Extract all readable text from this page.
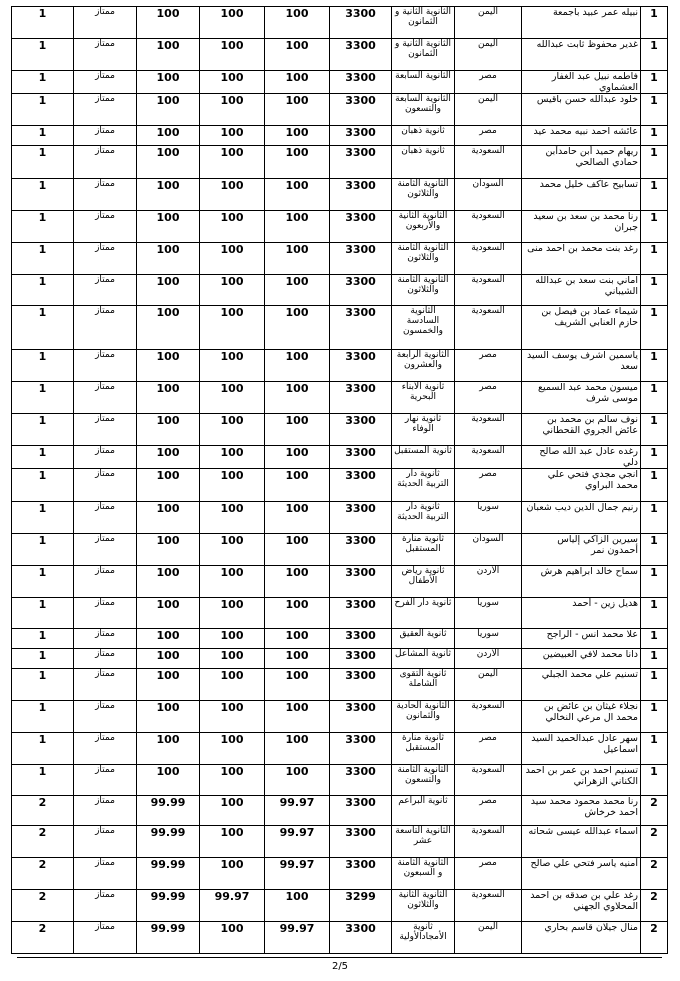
1	نبيله عمر عبيد باجمعة	اليمن	الثانوية الثانية و الثمانون	3300	100	100	100	ممتاز	1
1	غدير محفوظ ثابت عبدالله	اليمن	الثانوية الثانية و الثمانون	3300	100	100	100	ممتاز	1
1	فاطمه نبيل عبد الغفار العشماوي	مصر	الثانوية السابعة	3300	100	100	100	ممتاز	1
1	خلود عبدالله حسن باقيس	اليمن	الثانوية السابعة والتسعون	3300	100	100	100	ممتاز	1
1	عائشه احمد نبيه محمد عيد	مصر	ثانوية ذهبان	3300	100	100	100	ممتاز	1
1	ريهام حميد أبن حامدأبن حمادي الصالحي	السعودية	ثانوية ذهبان	3300	100	100	100	ممتاز	1
1	تسابيح عاكف خليل محمد	السودان	الثانوية الثامنة والثلاثون	3300	100	100	100	ممتاز	1
1	رنا محمد بن سعد بن سعيد جبران	السعودية	الثانوية الثانية والأربعون	3300	100	100	100	ممتاز	1
1	رغد بنت محمد بن احمد منى	السعودية	الثانوية الثامنة والثلاثون	3300	100	100	100	ممتاز	1
1	اماني بنت سعد بن عبدالله الشيباني	السعودية	الثانوية الثامنة والثلاثون	3300	100	100	100	ممتاز	1
1	شيماء عماد بن فيصل بن حازم العنابي الشريف	السعودية	الثانوية السادسة والخمسون	3300	100	100	100	ممتاز	1
1	ياسمين اشرف يوسف السيد سعد	مصر	الثانوية الرابعة والعشرون	3300	100	100	100	ممتاز	1
1	ميسون محمد عبد السميع موسى شرف	مصر	ثانوية الأبناء البحرية	3300	100	100	100	ممتاز	1
1	نوف سالم بن محمد بن عائض الجروي القحطاني	السعودية	ثانوية نهار الوفاء	3300	100	100	100	ممتاز	1
1	رغده عادل عبد الله صالح دلي	السعودية	ثانوية المستقبل	3300	100	100	100	ممتاز	1
1	انجي مجدي فتحي علي محمد البراوي	مصر	ثانوية دار التربية الحديثة	3300	100	100	100	ممتاز	1
1	رنيم جمال الدين ديب شعبان	سوريا	ثانوية دار التربية الحديثة	3300	100	100	100	ممتاز	1
1	سيرين الزاكي إلياس أحمدون نمر	السودان	ثانوية منارة المستقبل	3300	100	100	100	ممتاز	1
1	سماح خالد ابراهيم هرش	الأردن	ثانوية رياض الأطفال	3300	100	100	100	ممتاز	1
1	هديل زين - أحمد	سوريا	ثانوية دار الفرح	3300	100	100	100	ممتاز	1
1	علا محمد انس - الراجح	سوريا	ثانوية العقيق	3300	100	100	100	ممتاز	1
1	دانا محمد لافي العبيضين	الأردن	ثانوية المشاعل	3300	100	100	100	ممتاز	1
1	تسنيم علي محمد الجبلي	اليمن	ثانوية التقوى الشاملة	3300	100	100	100	ممتاز	1
1	نجلاء غيثان بن عائض بن محمد ال مرعي النخالي	السعودية	الثانوية الحادية والثمانون	3300	100	100	100	ممتاز	1
1	سهر عادل عبدالحميد السيد اسماعيل	مصر	ثانوية منارة المستقبل	3300	100	100	100	ممتاز	1
1	تسنيم احمد بن عمر بن احمد الكناني الزهراني	السعودية	الثانوية الثامنة والتسعون	3300	100	100	100	ممتاز	1
2	رنا محمد محمود محمد سيد احمد خرخاش	مصر	ثانوية البراعم	3300	99.97	100	99.99	ممتاز	2
2	اسماء عبدالله عيسى شحاته	السعودية	الثانوية التاسعة عشر	3300	99.97	100	99.99	ممتاز	2
2	أمنيه ياسر فتحي علي صالح	مصر	الثانوية الثامنة و السبعون	3300	99.97	100	99.99	ممتاز	2
2	رغد علي بن صدقه بن احمد المحلاوي الجهني	السعودية	الثانوية الثانية والثلاثون	3299	100	99.97	99.99	ممتاز	2
2	منال جيلان قاسم بحاري	اليمن	ثانوية الأمجادالأولية	3300	99.97	100	99.99	ممتاز	2
2/5
